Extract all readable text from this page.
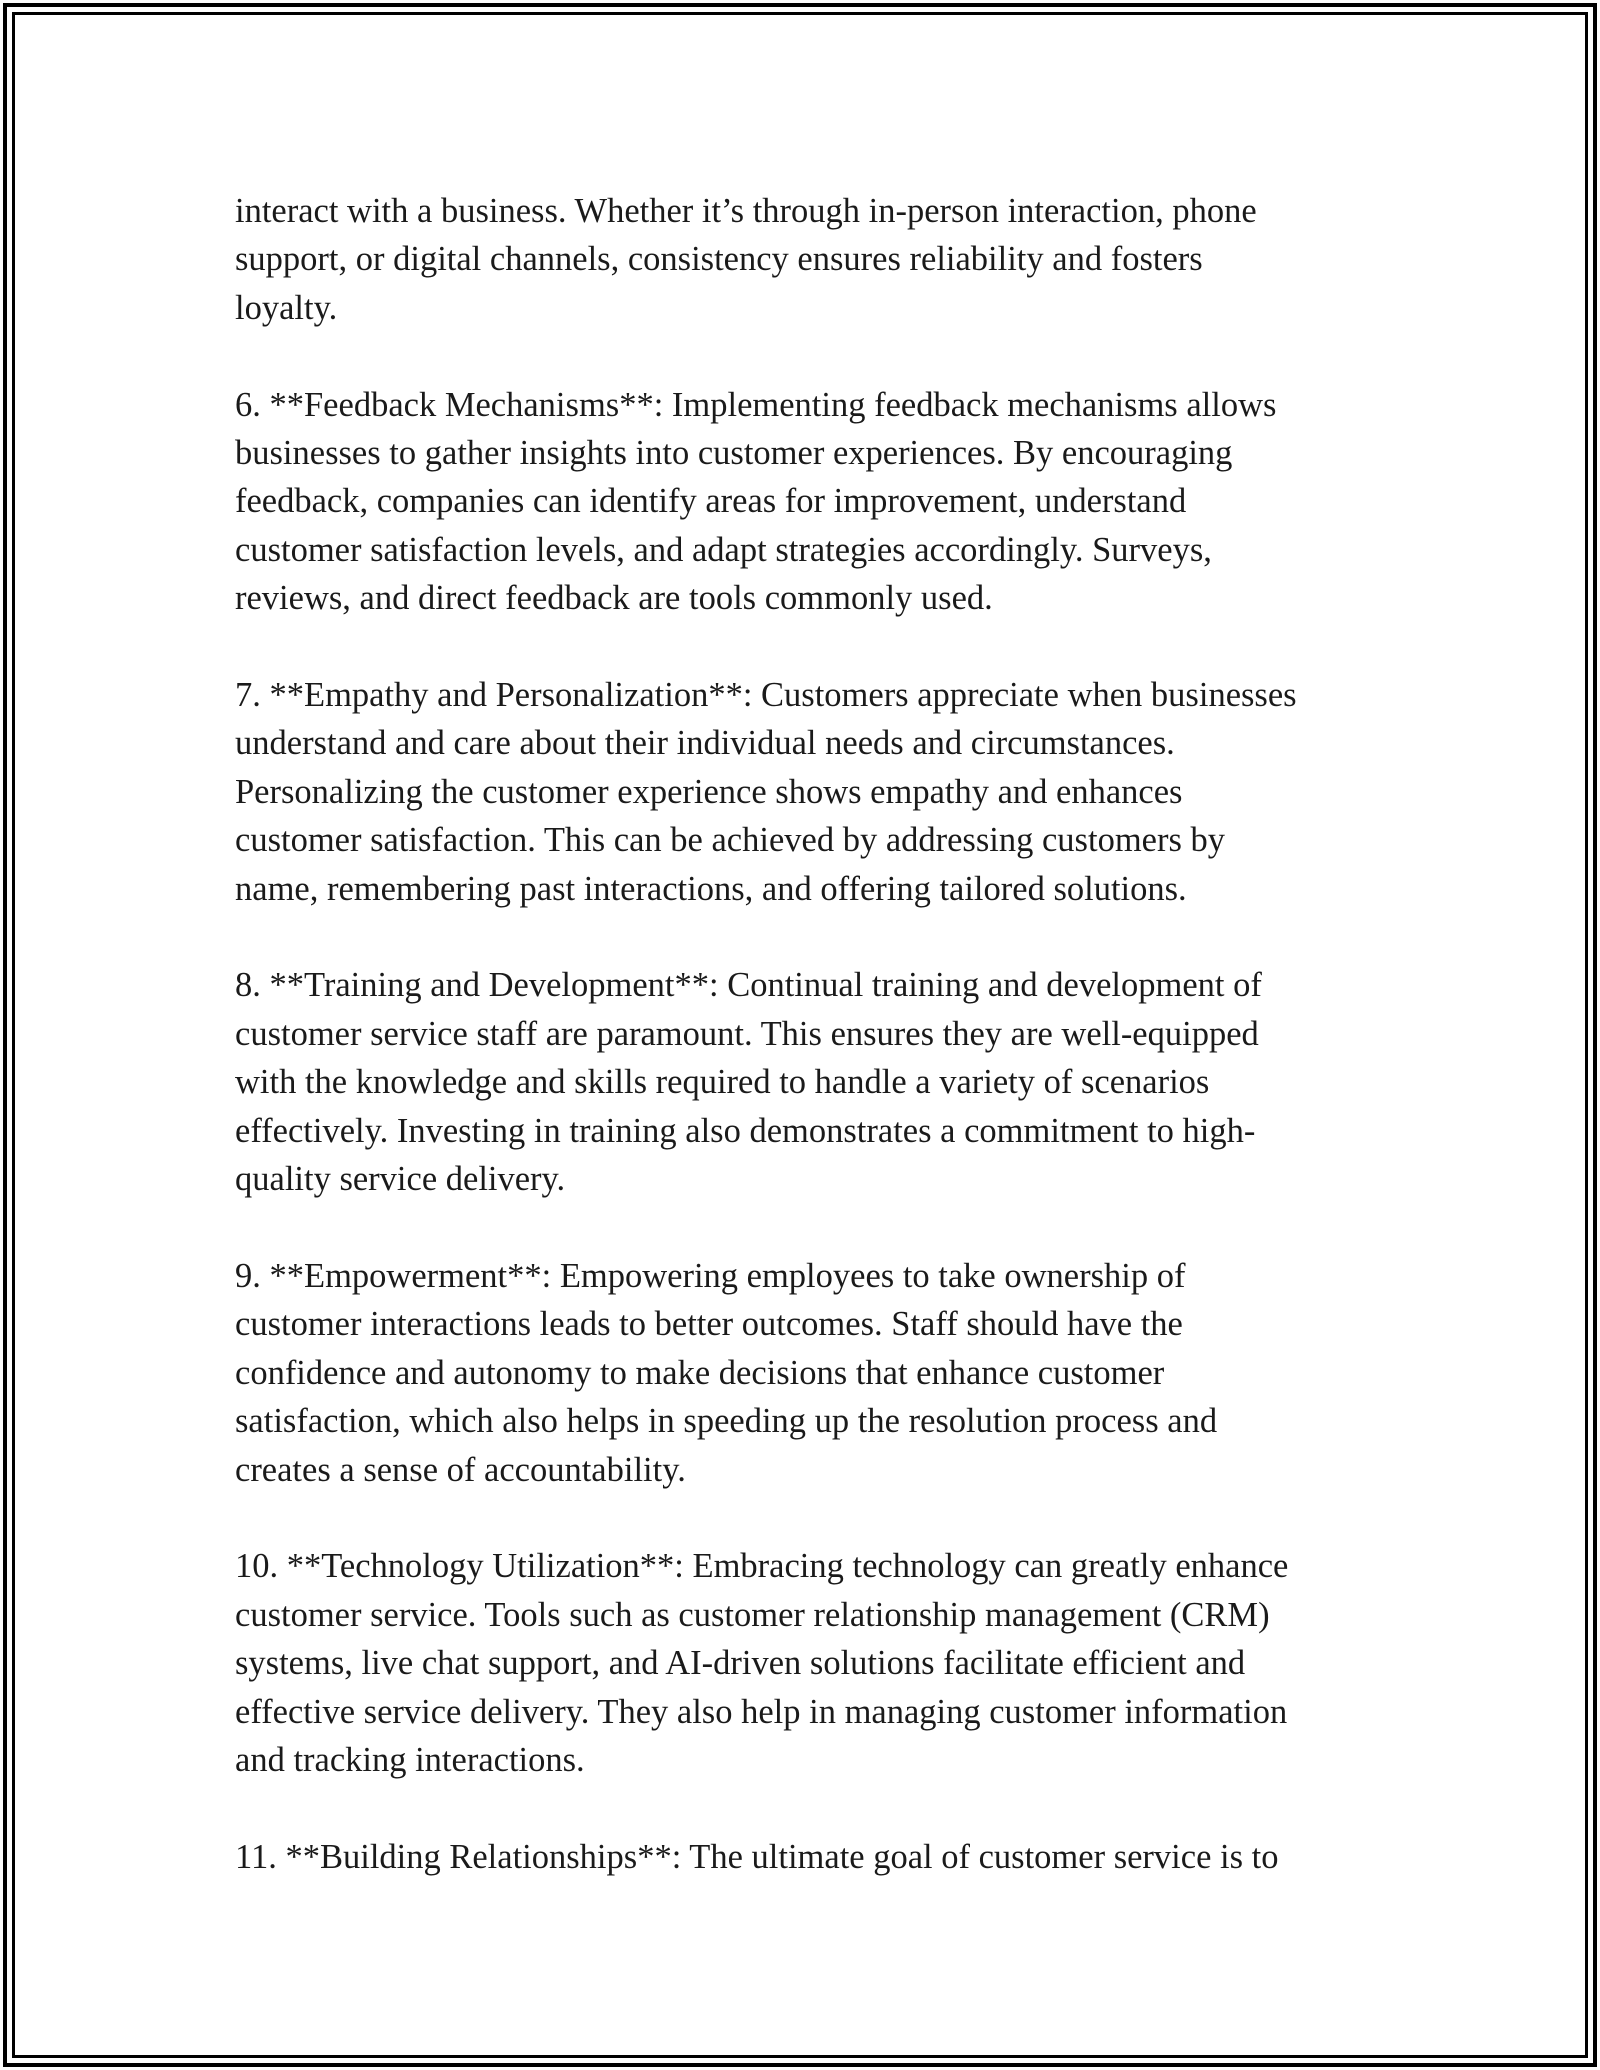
interact with a business. Whether it’s through in-person interaction, phone
support, or digital channels, consistency ensures reliability and fosters
loyalty.

6. **Feedback Mechanisms**: Implementing feedback mechanisms allows
businesses to gather insights into customer experiences. By encouraging
feedback, companies can identify areas for improvement, understand
customer satisfaction levels, and adapt strategies accordingly. Surveys,
reviews, and direct feedback are tools commonly used.

7. **Empathy and Personalization**: Customers appreciate when businesses
understand and care about their individual needs and circumstances.
Personalizing the customer experience shows empathy and enhances
customer satisfaction. This can be achieved by addressing customers by
name, remembering past interactions, and offering tailored solutions.

8. **Training and Development**: Continual training and development of
customer service staff are paramount. This ensures they are well-equipped
with the knowledge and skills required to handle a variety of scenarios
effectively. Investing in training also demonstrates a commitment to high-
quality service delivery.

9. **Empowerment**: Empowering employees to take ownership of
customer interactions leads to better outcomes. Staff should have the
confidence and autonomy to make decisions that enhance customer
satisfaction, which also helps in speeding up the resolution process and
creates a sense of accountability.

10. **Technology Utilization**: Embracing technology can greatly enhance
customer service. Tools such as customer relationship management (CRM)
systems, live chat support, and AI-driven solutions facilitate efficient and
effective service delivery. They also help in managing customer information
and tracking interactions.

11. **Building Relationships**: The ultimate goal of customer service is to
